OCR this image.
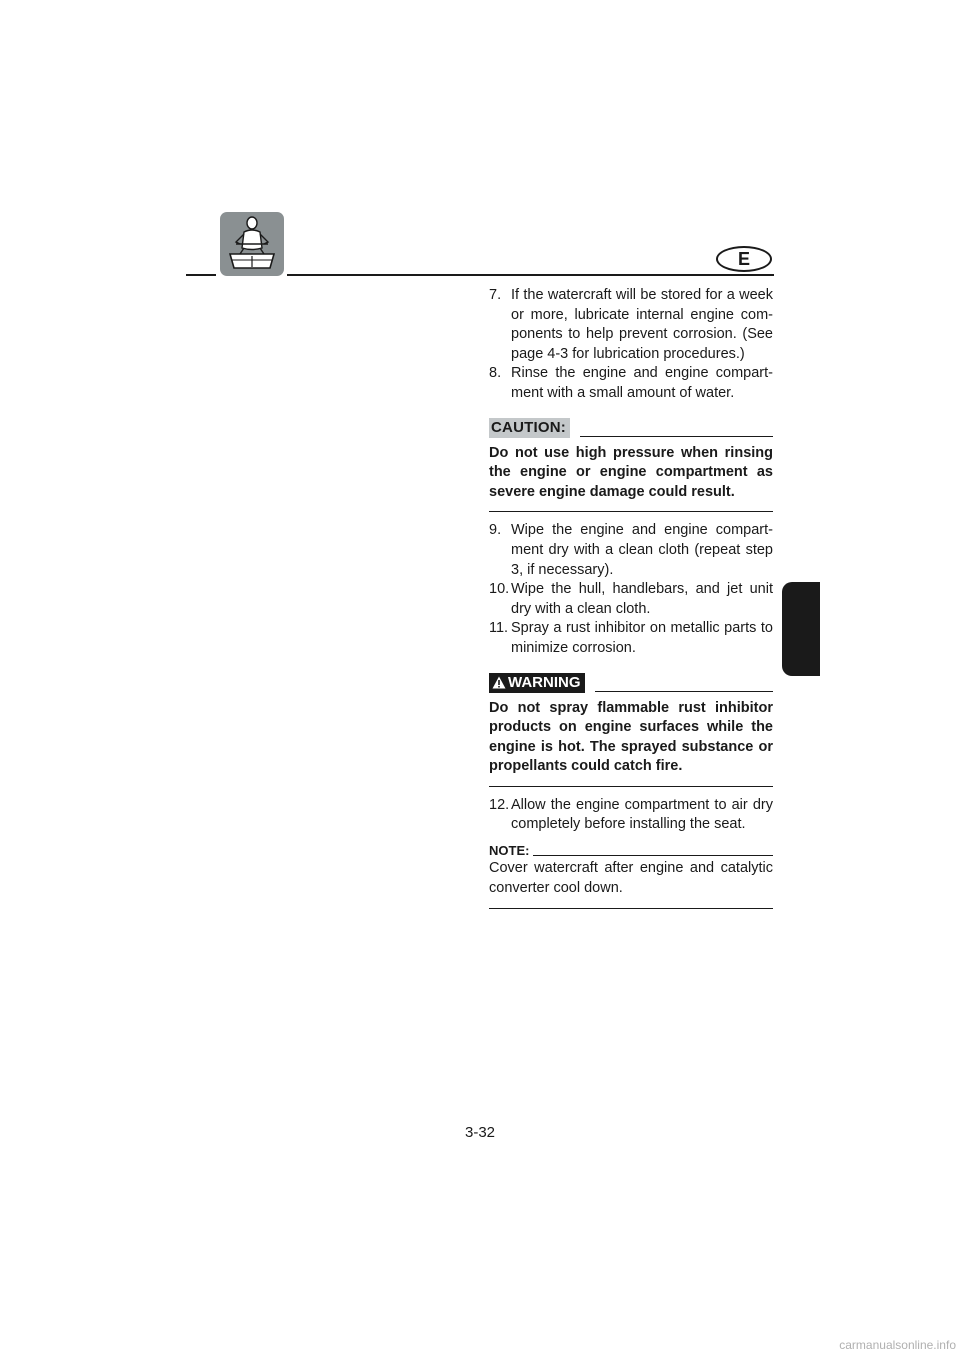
E

7. If the watercraft will be stored for a week or more, lubricate internal engine components to help prevent corrosion. (See page 4-3 for lubrication procedures.)

8. Rinse the engine and engine compartment with a small amount of water.

CAUTION:

Do not use high pressure when rinsing the engine or engine compartment as severe engine damage could result.

9. Wipe the engine and engine compartment dry with a clean cloth (repeat step 3, if necessary).

10. Wipe the hull, handlebars, and jet unit dry with a clean cloth.

11. Spray a rust inhibitor on metallic parts to minimize corrosion.

WARNING

Do not spray flammable rust inhibitor products on engine surfaces while the engine is hot. The sprayed substance or propellants could catch fire.

12. Allow the engine compartment to air dry completely before installing the seat.

NOTE:

Cover watercraft after engine and catalytic converter cool down.

3-32
carmanualsonline.info
